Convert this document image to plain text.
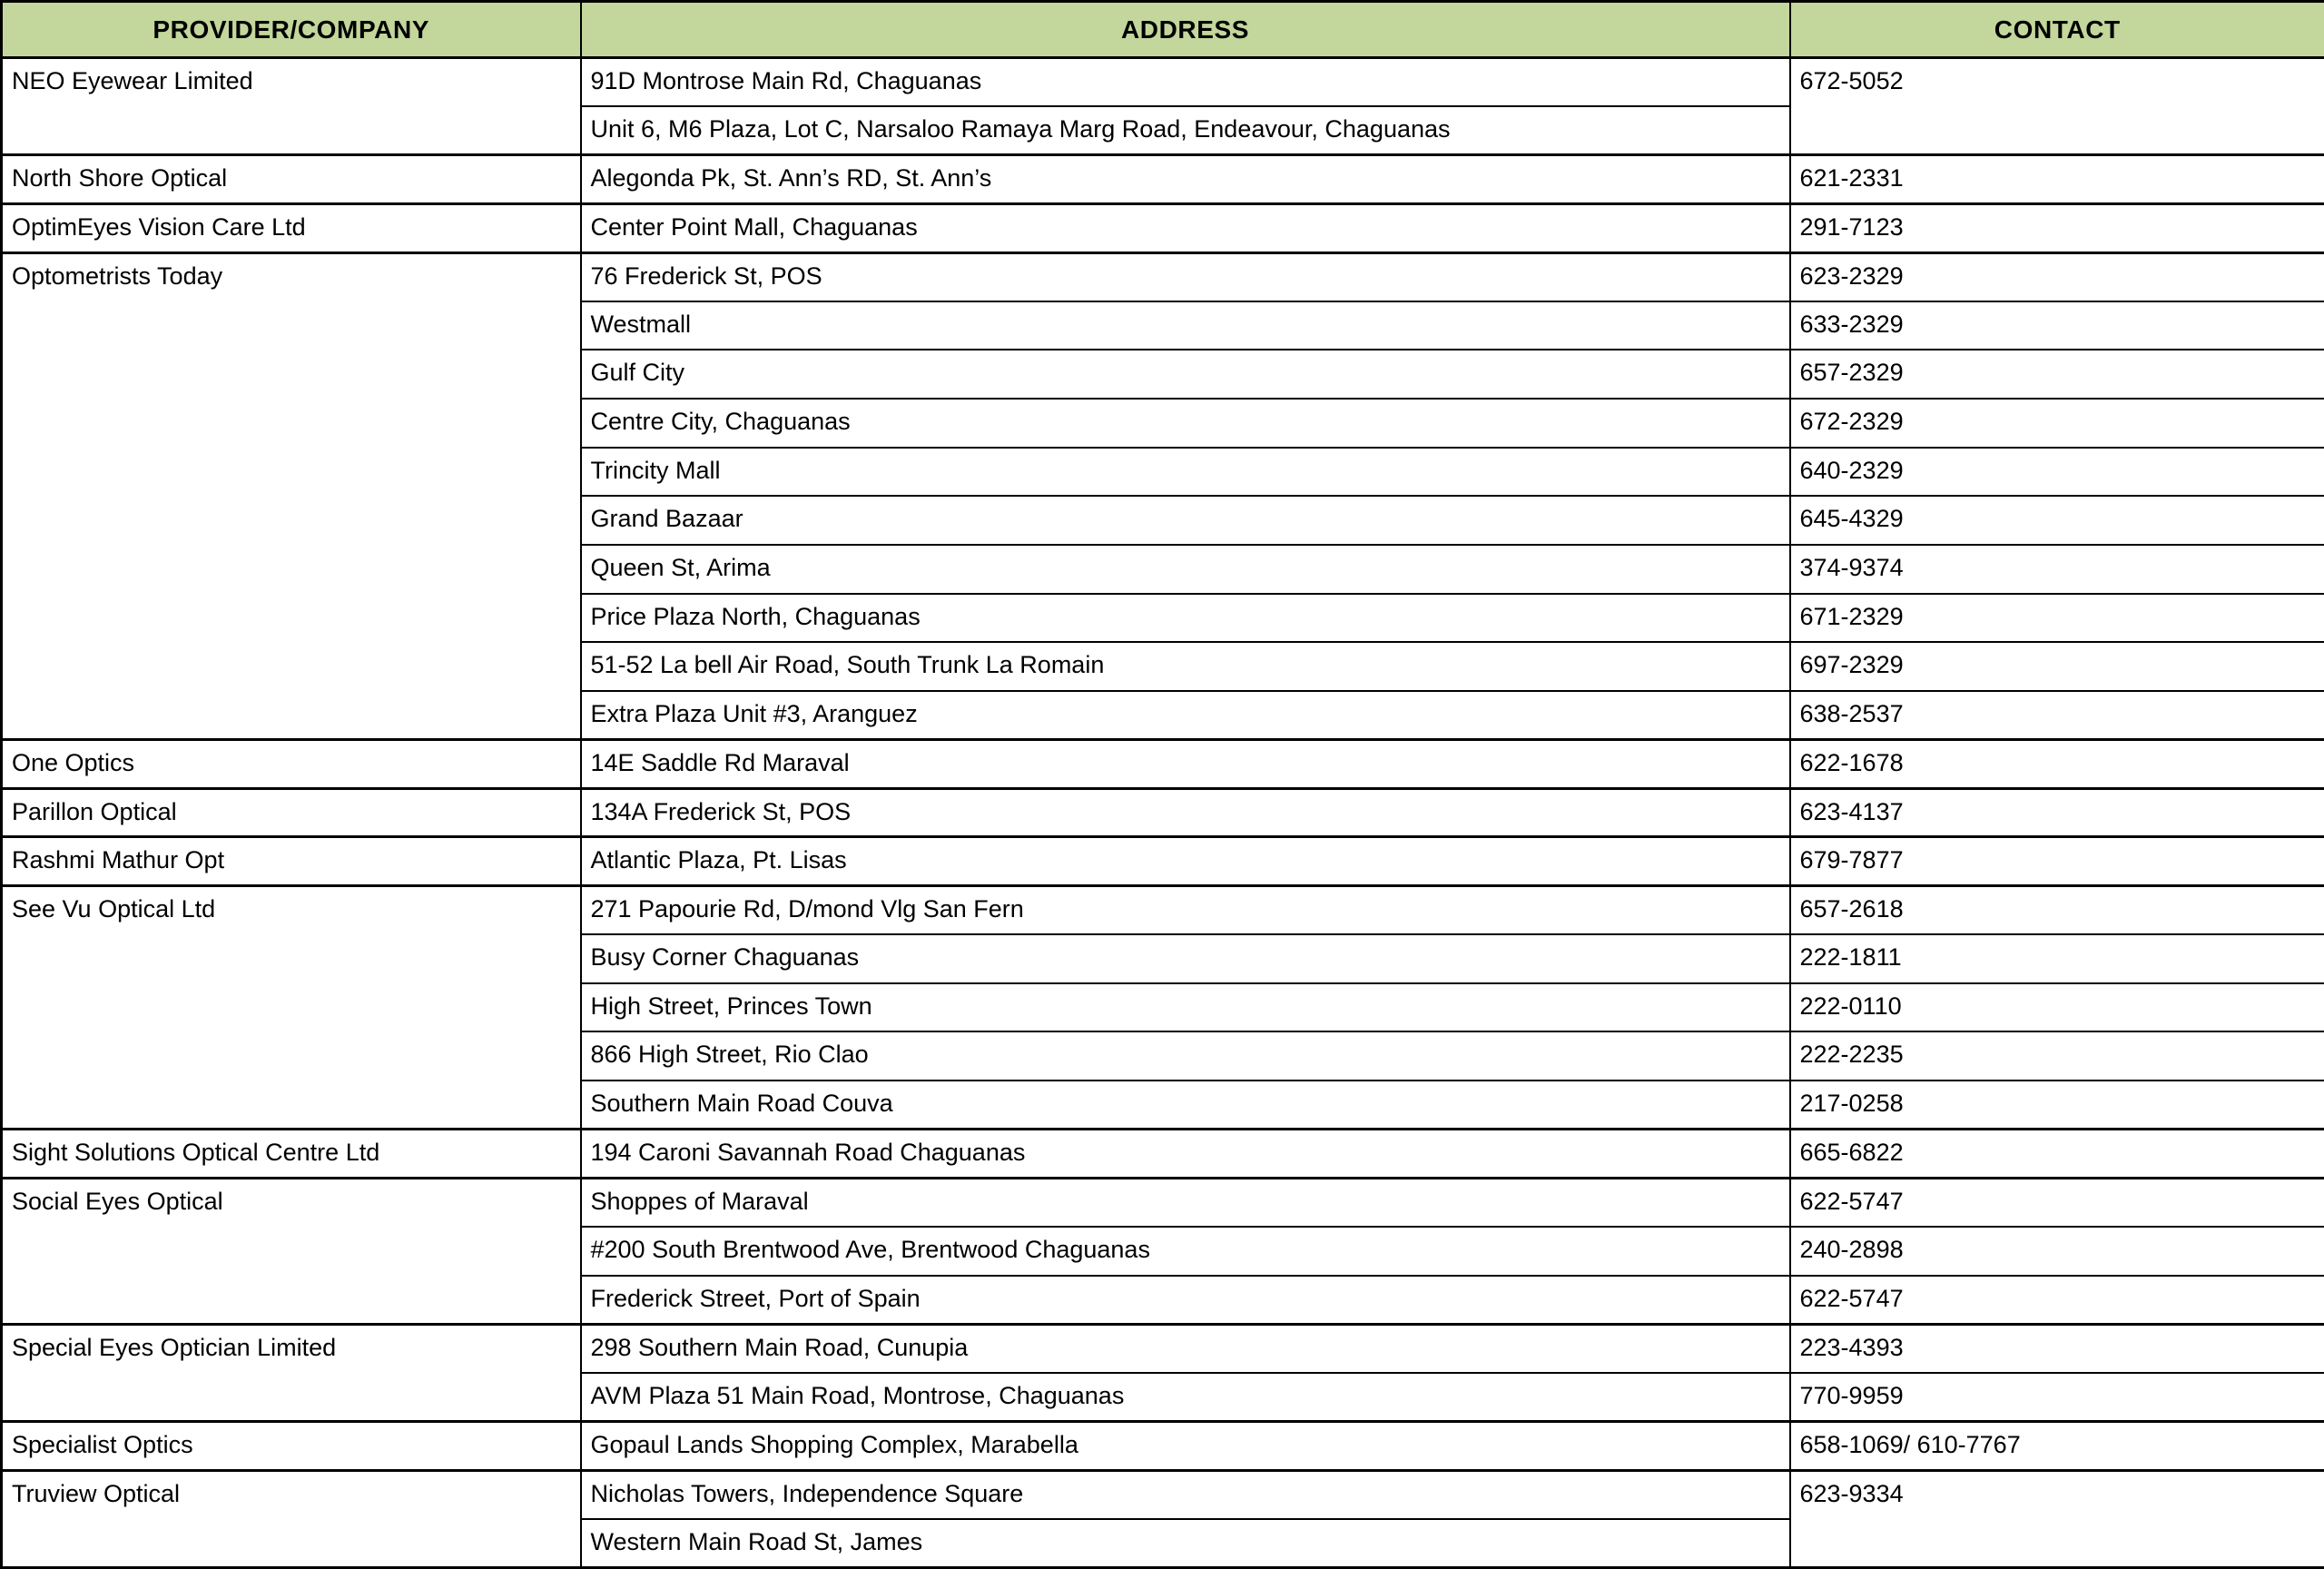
PROVIDER/COMPANY	ADDRESS	CONTACT
NEO Eyewear Limited	91D Montrose Main Rd, Chaguanas	672-5052
	Unit 6, M6 Plaza, Lot C, Narsaloo Ramaya Marg Road, Endeavour, Chaguanas	
North Shore Optical	Alegonda Pk, St. Ann’s RD, St. Ann’s	621-2331
OptimEyes Vision Care Ltd	Center Point Mall, Chaguanas	291-7123
Optometrists Today	76 Frederick St, POS	623-2329
	Westmall	633-2329
	Gulf City	657-2329
	Centre City, Chaguanas	672-2329
	Trincity Mall	640-2329
	Grand Bazaar	645-4329
	Queen St, Arima	374-9374
	Price Plaza North, Chaguanas	671-2329
	51-52 La bell Air Road, South Trunk La Romain	697-2329
	Extra Plaza Unit #3, Aranguez	638-2537
One Optics	14E Saddle Rd Maraval	622-1678
Parillon Optical	134A Frederick St, POS	623-4137
Rashmi Mathur Opt	Atlantic Plaza, Pt. Lisas	679-7877
See Vu Optical Ltd	271 Papourie Rd, D/mond Vlg San Fern	657-2618
	Busy Corner Chaguanas	222-1811
	High Street, Princes Town	222-0110
	866 High Street, Rio Clao	222-2235
	Southern Main Road Couva	217-0258
Sight Solutions Optical Centre Ltd	194 Caroni Savannah Road Chaguanas	665-6822
Social Eyes Optical	Shoppes of Maraval	622-5747
	#200 South Brentwood Ave, Brentwood Chaguanas	240-2898
	Frederick Street, Port of Spain	622-5747
Special Eyes Optician Limited	298 Southern Main Road, Cunupia	223-4393
	AVM Plaza 51 Main Road, Montrose, Chaguanas	770-9959
Specialist Optics	Gopaul Lands Shopping Complex, Marabella	658-1069/ 610-7767
Truview Optical	Nicholas Towers, Independence Square	623-9334
	Western Main Road St, James	
